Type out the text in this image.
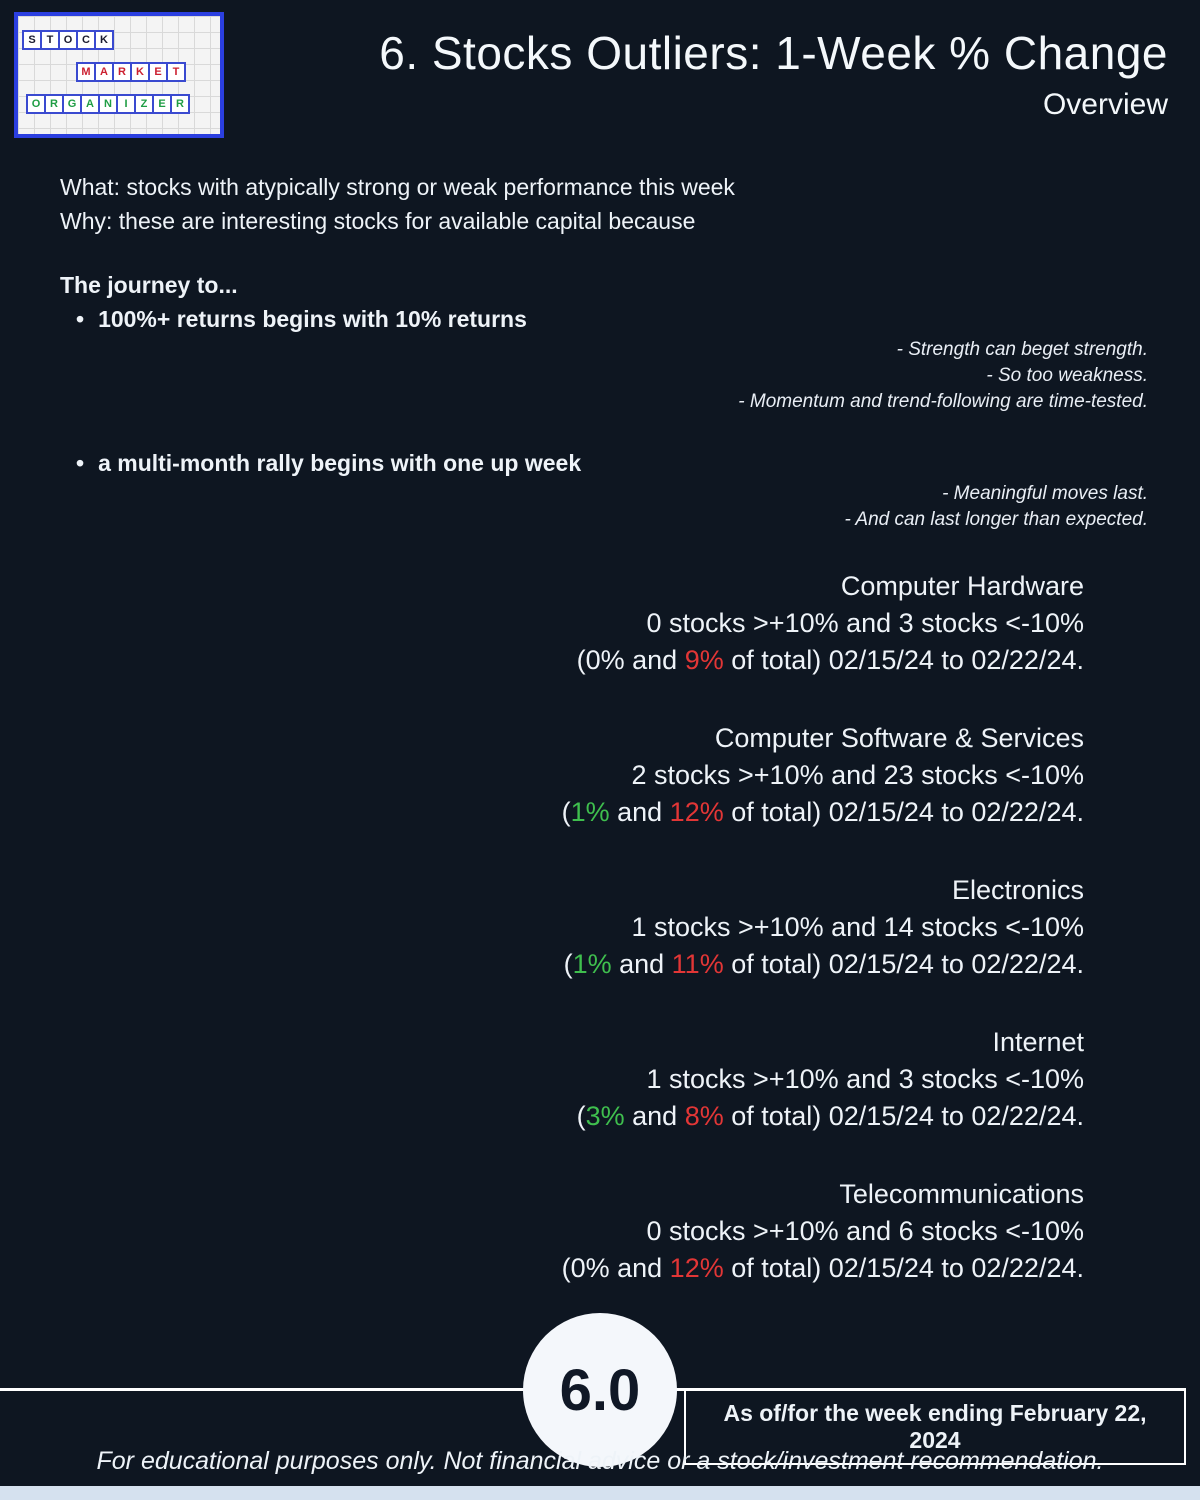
S T O C K
M A R K E T
O R G A N	I	Z E R
6. Stocks Outliers: 1-Week % Change
Overview
What: stocks with atypically strong or weak performance this week
Why: these are interesting stocks for available capital because
The journey to...
• 100%+ returns begins with 10% returns
- Strength can beget strength.
- So too weakness.
- Momentum and trend-following are time-tested.
• a multi-month rally begins with one up week
- Meaningful moves last.
- And can last longer than expected.
Computer Hardware
0 stocks >+10% and 3 stocks <-10%
(0% and 9% of total) 02/15/24 to 02/22/24.
Computer Software & Services
2 stocks >+10% and 23 stocks <-10%
(1% and 12% of total) 02/15/24 to 02/22/24.
Electronics
1 stocks >+10% and 14 stocks <-10%
(1% and 11% of total) 02/15/24 to 02/22/24.
Internet
1 stocks >+10% and 3 stocks <-10%
(3% and 8% of total) 02/15/24 to 02/22/24.
Telecommunications
0 stocks >+10% and 6 stocks <-10%
(0% and 12% of total) 02/15/24 to 02/22/24.
6.0	As of/for the week ending February 22, 2024
For educational purposes only. Not financial advice or a stock/investment recommendation.
